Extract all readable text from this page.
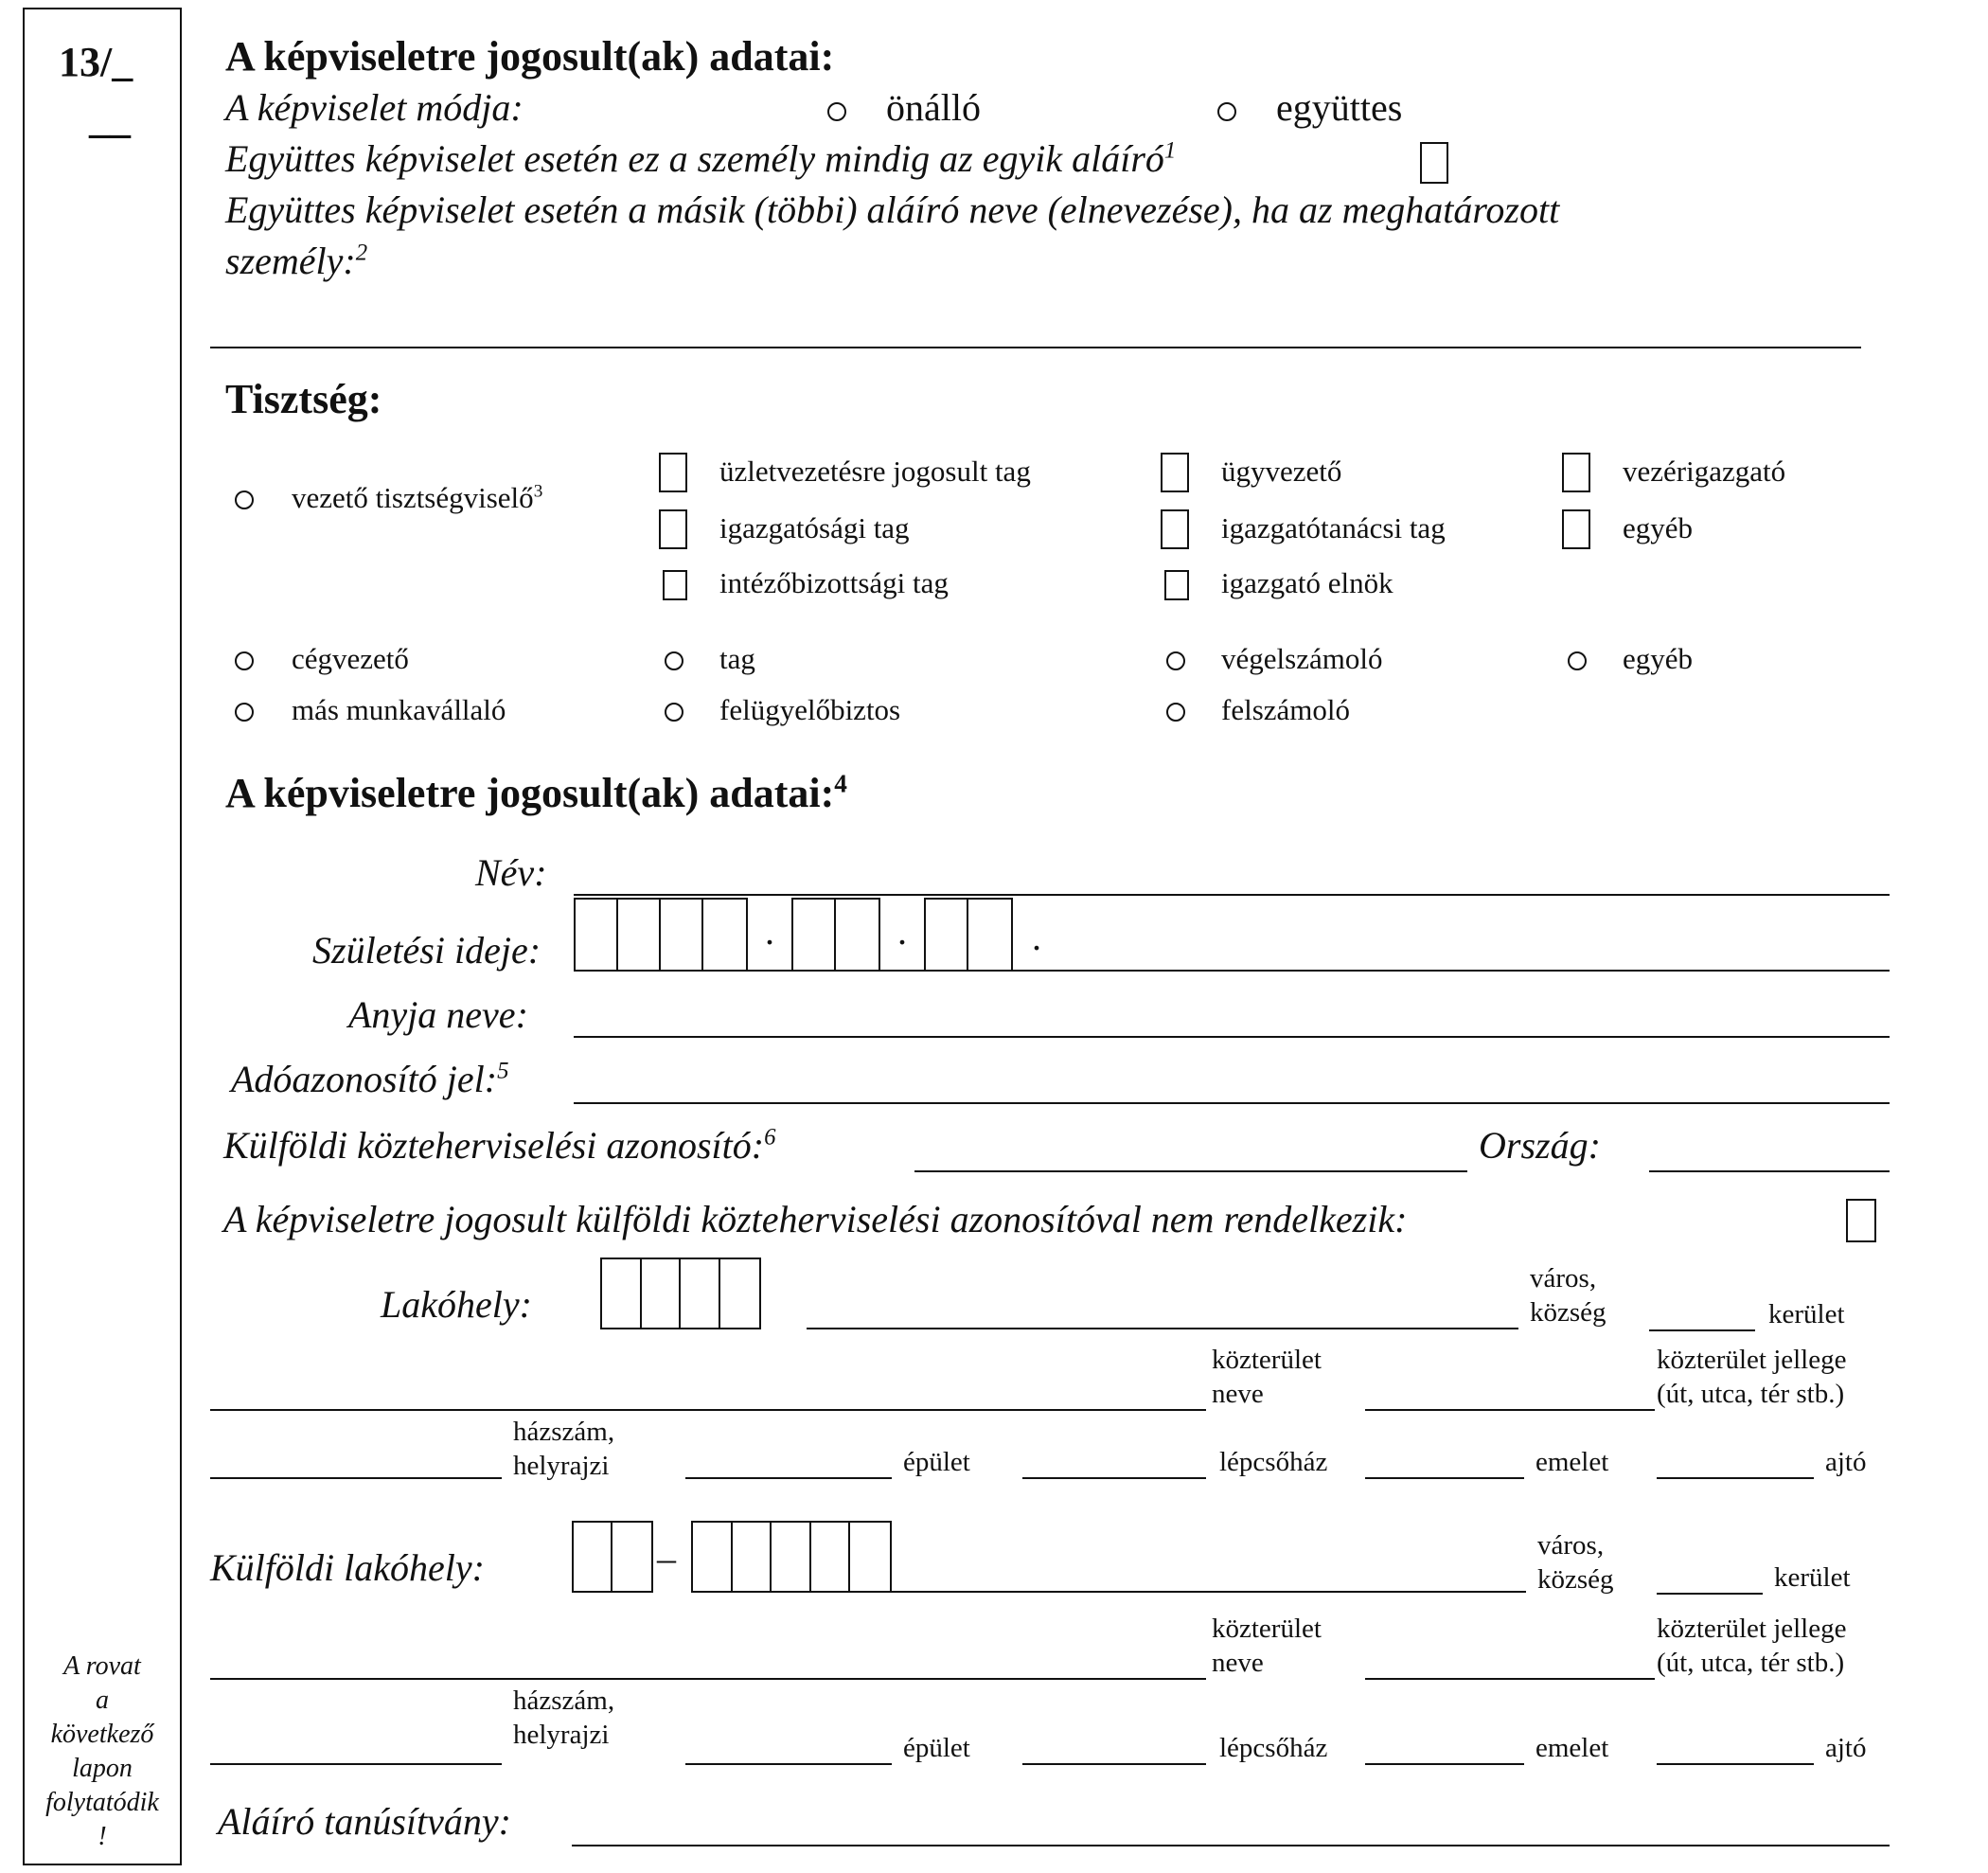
13/_
__
A rovat
a
következő
lapon
folytatódik
!
A képviseletre jogosult(ak) adatai:
A képviselet módja:	önálló	együttes
Együttes képviselet esetén ez a személy mindig az egyik aláíró$^1$
Együttes képviselet esetén a másik (többi) aláíró neve (elnevezése), ha az meghatározott
személy:$^2$
Tisztség:
vezető tisztségviselő$^3$
üzletvezetésre jogosult tag	ügyvezető	vezérigazgató
igazgatósági tag	igazgatótanácsi tag	egyéb
intézőbizottsági tag	igazgató elnök
cégvezető	tag	végelszámoló	egyéb
más munkavállaló	felügyelőbiztos	felszámoló
A képviseletre jogosult(ak) adatai:$^4$
Név:
Születési ideje:	.	.	.
Anyja neve:
Adóazonosító jel:$^5$
Külföldi közteherviselési azonosító:$^6$	Ország:
A képviseletre jogosult külföldi közteherviselési azonosítóval nem rendelkezik:
Lakóhely:
város,
község	kerület
közterület
neve
közterület jellege
(út, utca, tér stb.)
házszám,
helyrajzi	épület	lépcsőház	emelet	ajtó
Külföldi lakóhely:	–	város,
község	kerület
közterület
neve
közterület jellege
(út, utca, tér stb.)
házszám,
helyrajzi	épület	lépcsőház	emelet	ajtó
Aláíró tanúsítvány:
